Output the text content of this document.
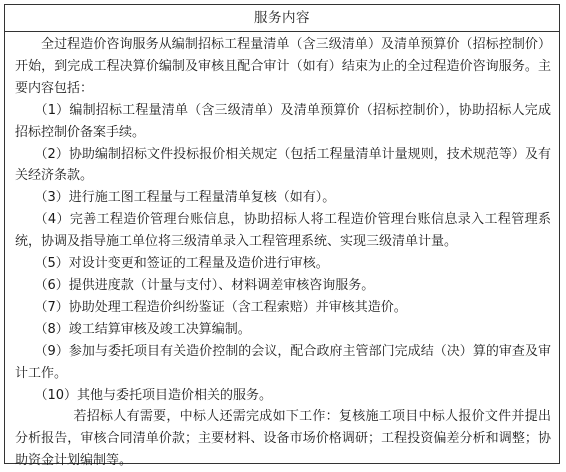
服务内容

全过程造价咨询服务从编制招标工程量清单（含三级清单）及清单预算价（招标控制价）开始，到完成工程决算价编制及审核且配合审计（如有）结束为止的全过程造价咨询服务。主要内容包括：

（1）编制招标工程量清单（含三级清单）及清单预算价（招标控制价），协助招标人完成招标控制价备案手续。

（2）协助编制招标文件投标报价相关规定（包括工程量清单计量规则，技术规范等）及有关经济条款。

（3）进行施工图工程量与工程量清单复核（如有）。

（4）完善工程造价管理台账信息，协助招标人将工程造价管理台账信息录入工程管理系统，协调及指导施工单位将三级清单录入工程管理系统、实现三级清单计量。

（5）对设计变更和签证的工程量及造价进行审核。

（6）提供进度款（计量与支付）、材料调差审核咨询服务。

（7）协助处理工程造价纠纷鉴证（含工程索赔）并审核其造价。

（8）竣工结算审核及竣工决算编制。

（9）参加与委托项目有关造价控制的会议，配合政府主管部门完成结（决）算的审查及审计工作。

（10）其他与委托项目造价相关的服务。

若招标人有需要，中标人还需完成如下工作：复核施工项目中标人报价文件并提出分析报告，审核合同清单价款；主要材料、设备市场价格调研；工程投资偏差分析和调整；协助资金计划编制等。
